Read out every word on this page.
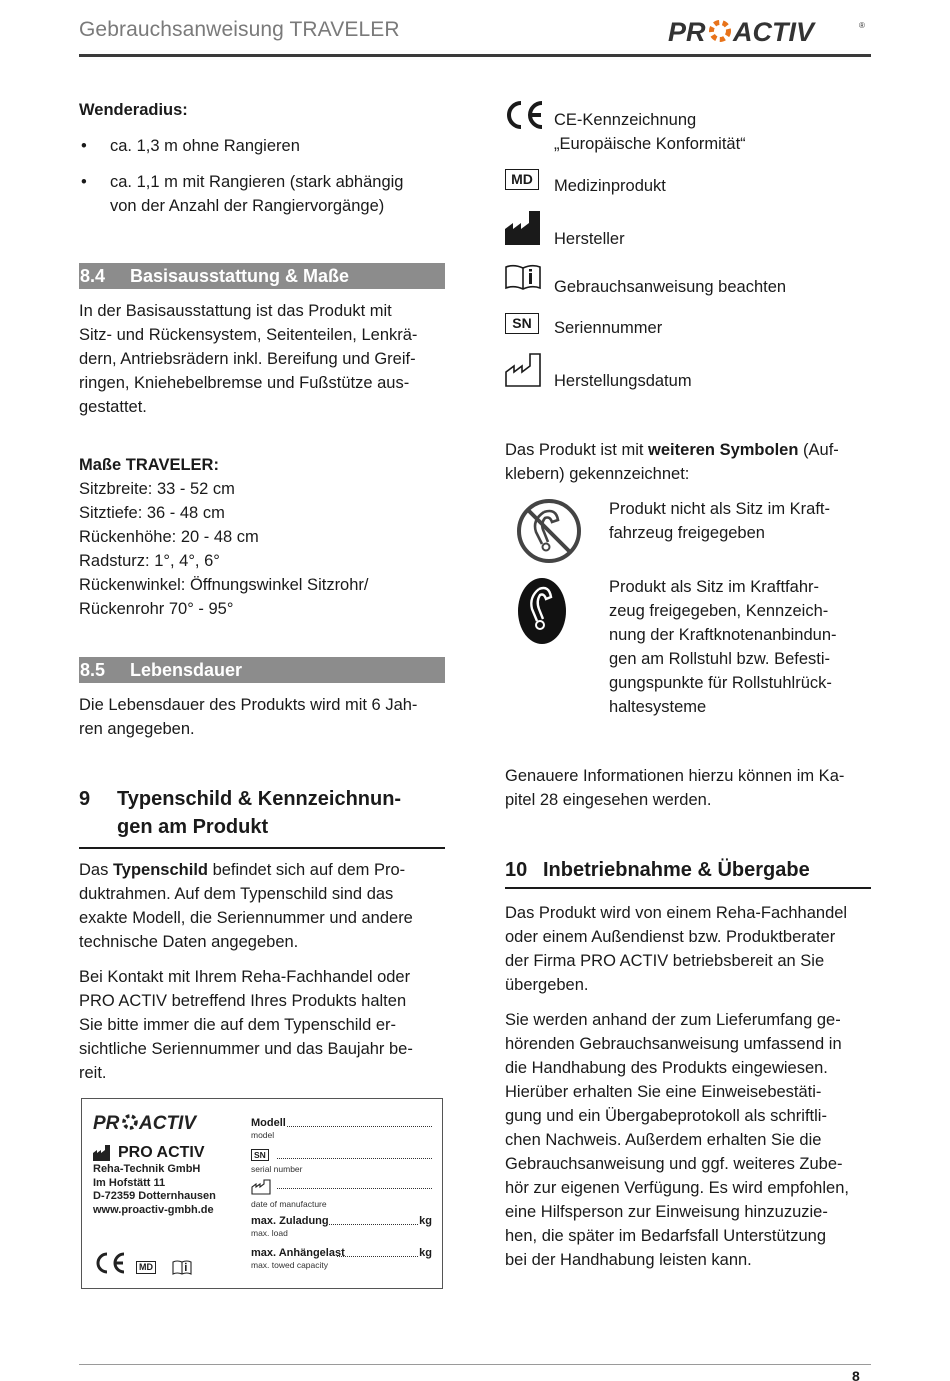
Gebrauchsanweisung TRAVELER	PR ACTIV	®

Wenderadius:

• ca. 1,3 m ohne Rangieren
• ca. 1,1 m mit Rangieren (stark abhängig
von der Anzahl der Rangiervorgänge)
8.4 Basisausstattung & Maße
In der Basisausstattung ist das Produkt mit
Sitz- und Rückensystem, Seitenteilen, Lenkrä-
dern, Antriebsrädern inkl. Bereifung und Greif-
ringen, Kniehebelbremse und Fußstütze aus-
gestattet.
Maße TRAVELER:
Sitzbreite: 33 - 52 cm
Sitztiefe: 36 - 48 cm
Rückenhöhe: 20 - 48 cm
Radsturz: 1°, 4°, 6°
Rückenwinkel: Öffnungswinkel Sitzrohr/
Rückenrohr 70° - 95°
8.5 Lebensdauer
Die Lebensdauer des Produkts wird mit 6 Jah-
ren angegeben.
9	Typenschild & Kennzeichnun-
gen am Produkt
Das Typenschild befindet sich auf dem Pro-
duktrahmen. Auf dem Typenschild sind das
exakte Modell, die Seriennummer und andere
technische Daten angegeben.
Bei Kontakt mit Ihrem Reha-Fachhandel oder
PRO ACTIV betreffend Ihres Produkts halten
Sie bitte immer die auf dem Typenschild er-
sichtliche Seriennummer und das Baujahr be-
reit.
PR ACTIV
PRO ACTIV
Reha-Technik GmbH
Im Hofstätt 11
D-72359 Dotternhausen
www.proactiv-gmbh.de
MD
Modell
model
SN
serial number
date of manufacture
max. Zuladung	kg
max. load
max. Anhängelast	kg
max. towed capacity
CE-Kennzeichnung
„Europäische Konformität“
MD	Medizinprodukt
Hersteller
Gebrauchsanweisung beachten
SN	Seriennummer
Herstellungsdatum
Das Produkt ist mit weiteren Symbolen (Auf-
klebern) gekennzeichnet:
Produkt nicht als Sitz im Kraft-
fahrzeug freigegeben
Produkt als Sitz im Kraftfahr-
zeug freigegeben, Kennzeich-
nung der Kraftknotenanbindun-
gen am Rollstuhl bzw. Befesti-
gungspunkte für Rollstuhlrück-
haltesysteme
Genauere Informationen hierzu können im Ka-
pitel 28 eingesehen werden.
10 Inbetriebnahme & Übergabe
Das Produkt wird von einem Reha-Fachhandel
oder einem Außendienst bzw. Produktberater
der Firma PRO ACTIV betriebsbereit an Sie
übergeben.
Sie werden anhand der zum Lieferumfang ge-
hörenden Gebrauchsanweisung umfassend in
die Handhabung des Produkts eingewiesen.
Hierüber erhalten Sie eine Einweisebestäti-
gung und ein Übergabeprotokoll als schriftli-
chen Nachweis. Außerdem erhalten Sie die
Gebrauchsanweisung und ggf. weiteres Zube-
hör zur eigenen Verfügung. Es wird empfohlen,
eine Hilfsperson zur Einweisung hinzuzuzie-
hen, die später im Bedarfsfall Unterstützung
bei der Handhabung leisten kann.
8
